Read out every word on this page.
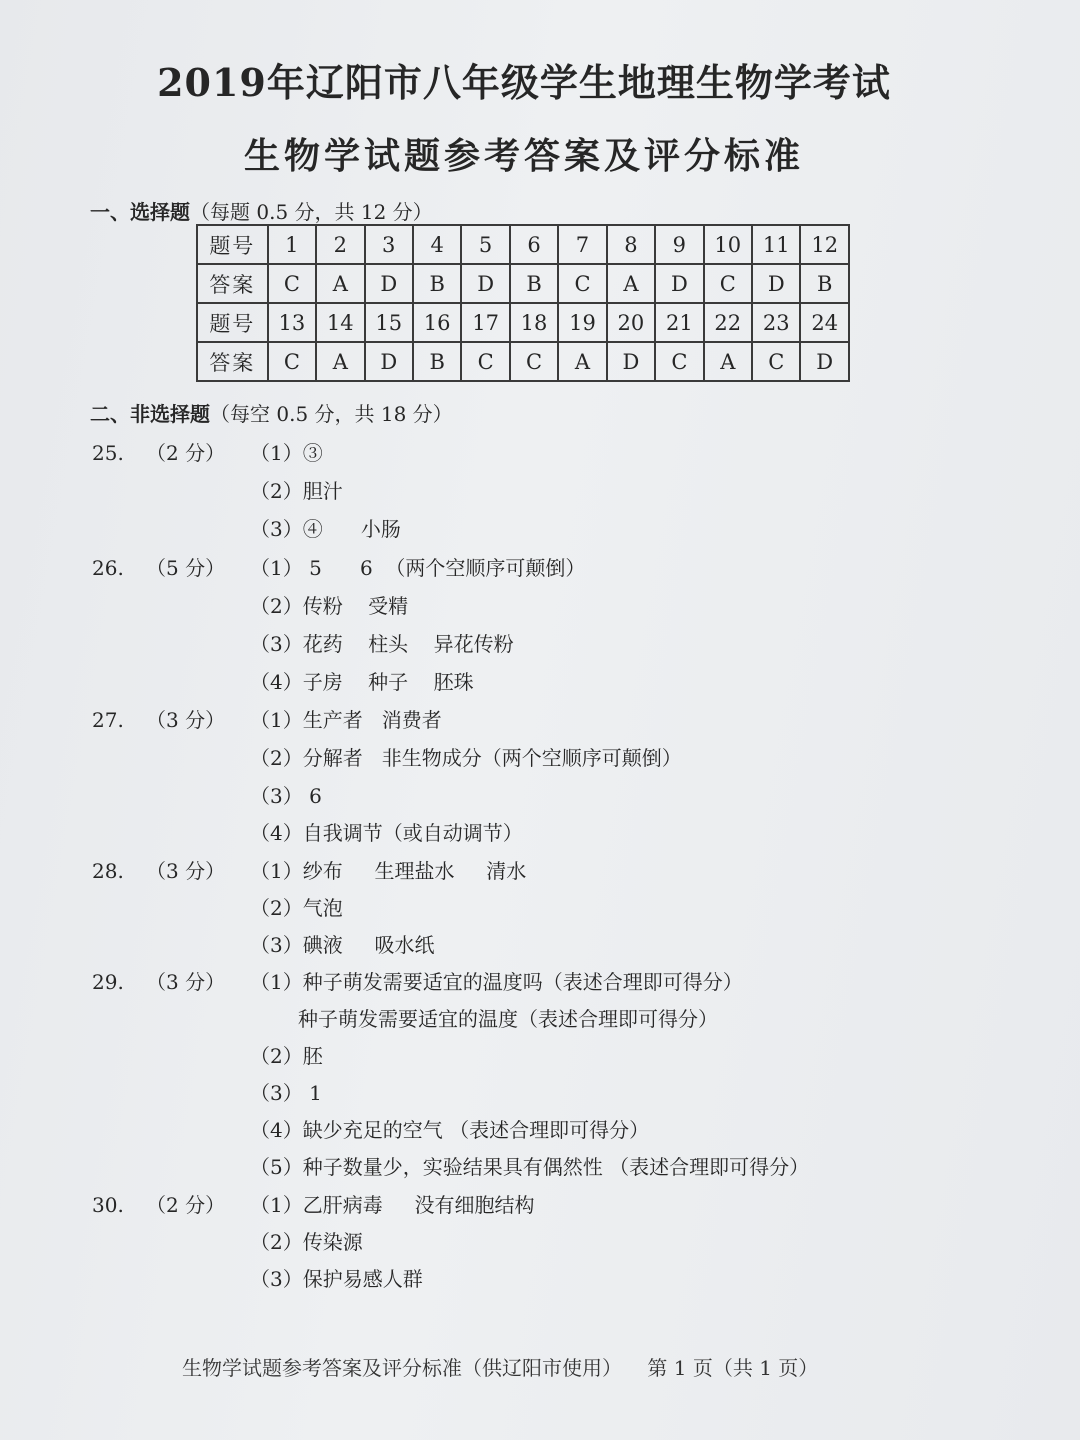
2019年辽阳市八年级学生地理生物学考试
生物学试题参考答案及评分标准
一、选择题（每题 0.5 分，共 12 分）
题号	1	2	3	4	5	6	7	8	9	10	11	12
答案	C	A	D	B	D	B	C	A	D	C	D	B
题号	13	14	15	16	17	18	19	20	21	22	23	24
答案	C	A	D	B	C	C	A	D	C	A	C	D
二、非选择题（每空 0.5 分，共 18 分）
25. （2 分） （1）③
（2）胆汁
（3）④      小肠
26. （5 分） （1） 5      6  （两个空顺序可颠倒）
（2）传粉    受精
（3）花药    柱头    异花传粉
（4）子房    种子    胚珠
27. （3 分） （1）生产者   消费者
（2）分解者   非生物成分（两个空顺序可颠倒）
（3） 6
（4）自我调节（或自动调节）
28. （3 分） （1）纱布     生理盐水     清水
（2）气泡
（3）碘液     吸水纸
29. （3 分） （1）种子萌发需要适宜的温度吗（表述合理即可得分）
种子萌发需要适宜的温度（表述合理即可得分）
（2）胚
（3） 1
（4）缺少充足的空气 （表述合理即可得分）
（5）种子数量少，实验结果具有偶然性 （表述合理即可得分）
30. （2 分） （1）乙肝病毒     没有细胞结构
（2）传染源
（3）保护易感人群
生物学试题参考答案及评分标准（供辽阳市使用）    第 1 页（共 1 页）
